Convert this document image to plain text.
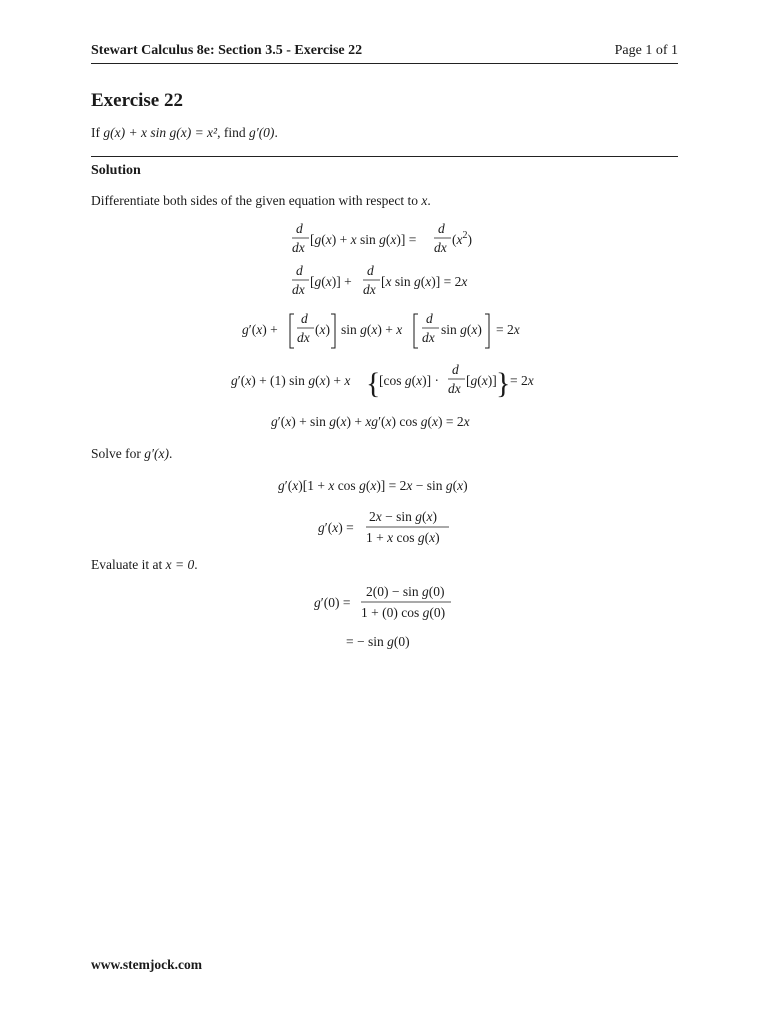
Stewart Calculus 8e: Section 3.5 - Exercise 22	Page 1 of 1
Exercise 22
If g(x) + x sin g(x) = x², find g′(0).
Solution
Differentiate both sides of the given equation with respect to x.
d
dx
[g(x) + x sin g(x)] =
d
dx
$(x^2)$
d
dx
[g(x)] +
d
dx
[x sin g(x)] = 2x
g′(x) +
d
dx
(x) sin g(x) + x
d
dx
sin g(x) = 2x
g′(x) + (1) sin g(x) + x {
[cos g(x)] ·
d
dx
[g(x)] } = 2x
g′(x) + sin g(x) + xg′(x) cos g(x) = 2x
Solve for g′(x).
g′(x)[1 + x cos g(x)] = 2x − sin g(x)
g′(x) =
2x − sin g(x)
1 + x cos g(x)
Evaluate it at x = 0.
g′(0) =
2(0) − sin g(0)
1 + (0) cos g(0)
= − sin g(0)
www.stemjock.com
